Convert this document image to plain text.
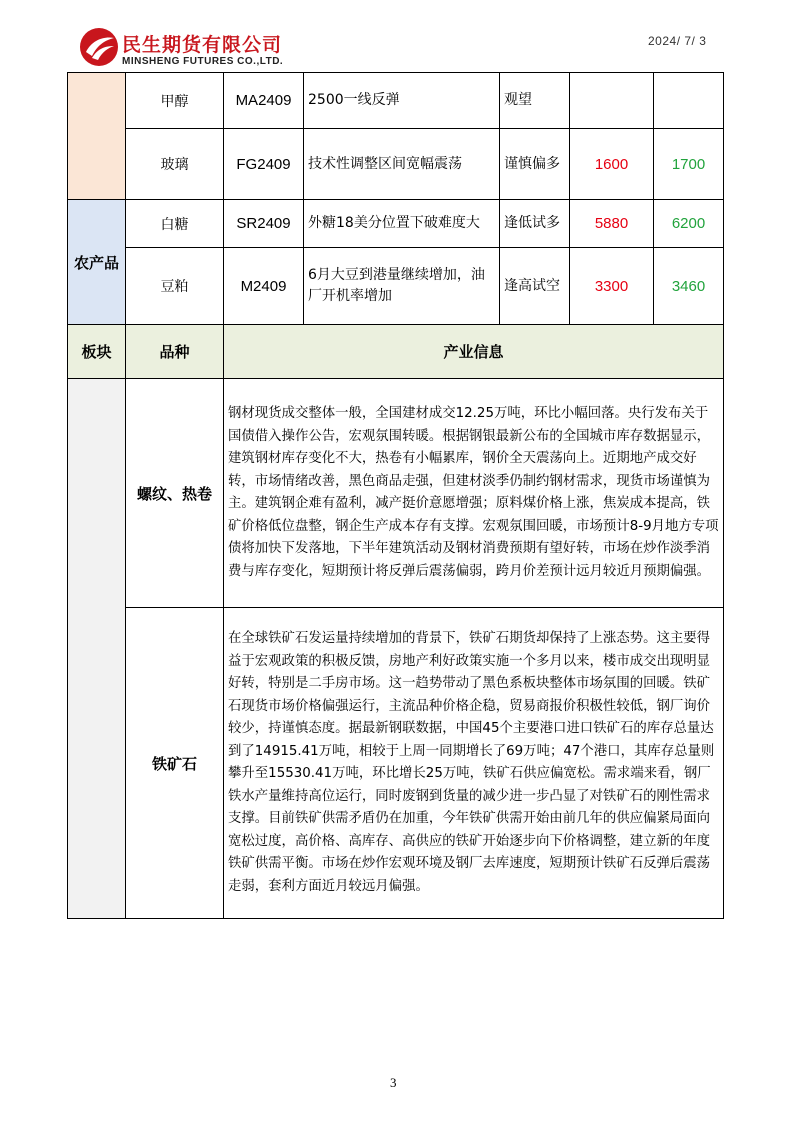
民生期货有限公司
MINSHENG FUTURES CO.,LTD.
2024/ 7/ 3
	甲醇	MA2409	2500一线反弹	观望		
	玻璃	FG2409	技术性调整区间宽幅震荡	谨慎偏多	1600	1700
农产品	白糖	SR2409	外糖18美分位置下破难度大	逢低试多	5880	6200
	豆粕	M2409	6月大豆到港量继续增加，油厂开机率增加	逢高试空	3300	3460
板块	品种	产业信息
	螺纹、热卷	钢材现货成交整体一般，全国建材成交12.25万吨，环比小幅回落。央行发布关于国债借入操作公告，宏观氛围转暖。根据钢银最新公布的全国城市库存数据显示，建筑钢材库存变化不大，热卷有小幅累库，钢价全天震荡向上。近期地产成交好转，市场情绪改善，黑色商品走强，但建材淡季仍制约钢材需求，现货市场谨慎为主。建筑钢企难有盈利，减产挺价意愿增强；原料煤价格上涨，焦炭成本提高，铁矿价格低位盘整，钢企生产成本存有支撑。宏观氛围回暖，市场预计8-9月地方专项债将加快下发落地，下半年建筑活动及钢材消费预期有望好转，市场在炒作淡季消费与库存变化，短期预计将反弹后震荡偏弱，跨月价差预计远月较近月预期偏强。
	铁矿石	在全球铁矿石发运量持续增加的背景下，铁矿石期货却保持了上涨态势。这主要得益于宏观政策的积极反馈，房地产利好政策实施一个多月以来，楼市成交出现明显好转，特别是二手房市场。这一趋势带动了黑色系板块整体市场氛围的回暖。铁矿石现货市场价格偏强运行，主流品种价格企稳，贸易商报价积极性较低，钢厂询价较少，持谨慎态度。据最新钢联数据，中国45个主要港口进口铁矿石的库存总量达到了14915.41万吨，相较于上周一同期增长了69万吨；47个港口，其库存总量则攀升至15530.41万吨，环比增长25万吨，铁矿石供应偏宽松。需求端来看，钢厂铁水产量维持高位运行，同时废钢到货量的减少进一步凸显了对铁矿石的刚性需求支撑。目前铁矿供需矛盾仍在加重，今年铁矿供需开始由前几年的供应偏紧局面向宽松过度，高价格、高库存、高供应的铁矿开始逐步向下价格调整，建立新的年度铁矿供需平衡。市场在炒作宏观环境及钢厂去库速度，短期预计铁矿石反弹后震荡走弱，套利方面近月较远月偏强。
3
